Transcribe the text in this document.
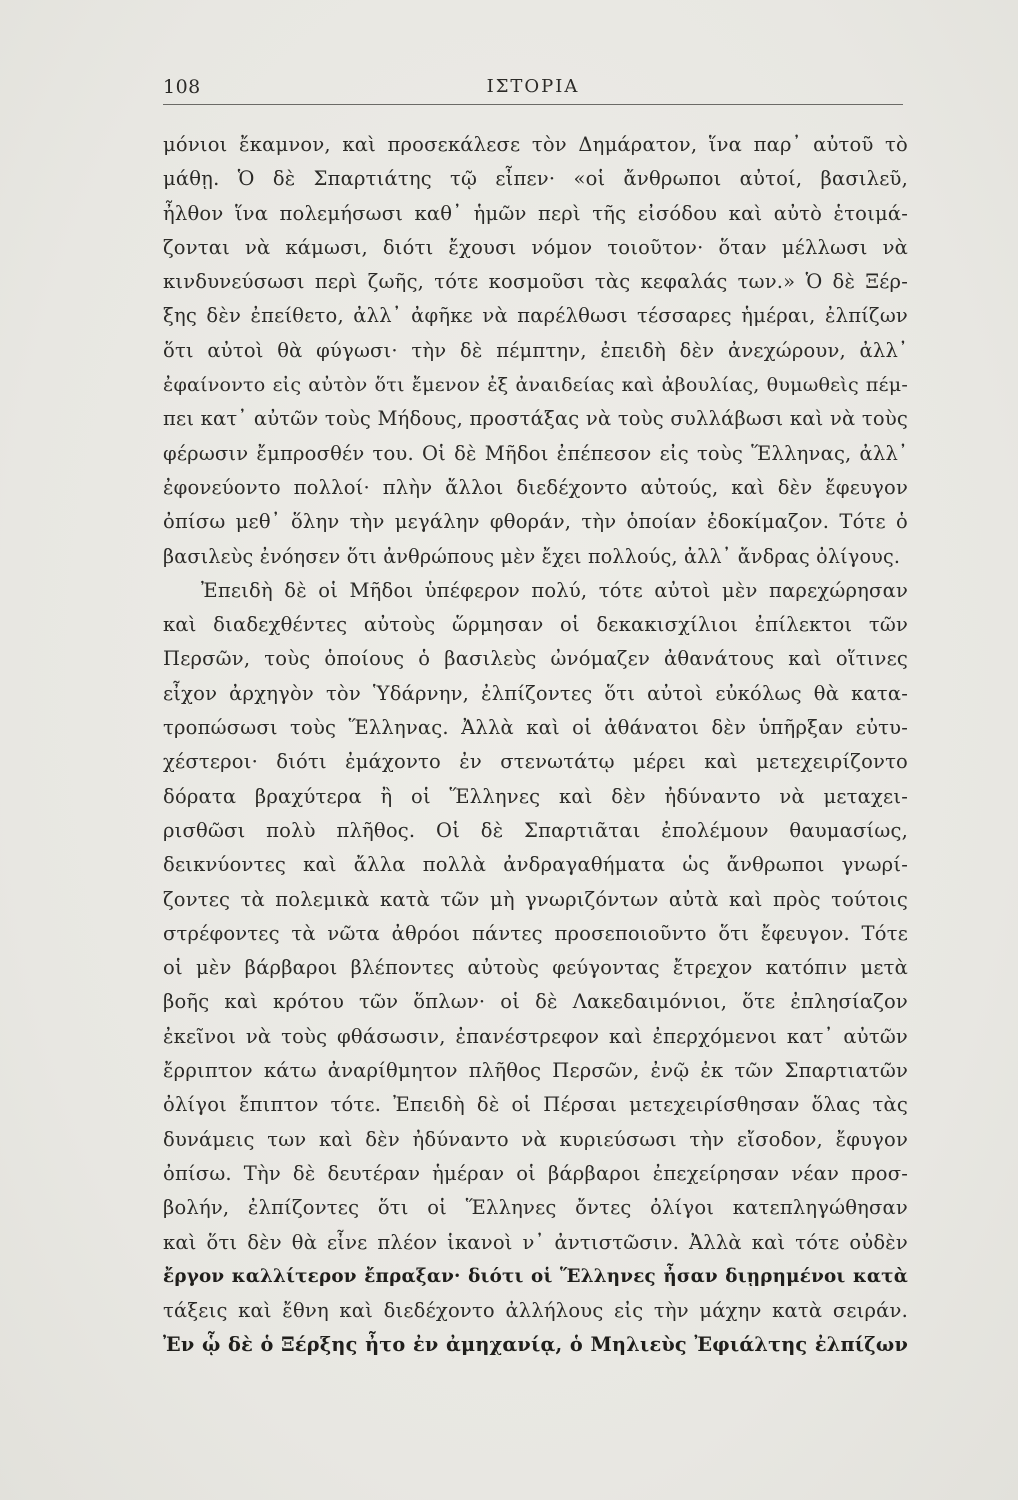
108	ΙΣΤΟΡΙΑ
μόνιοι ἔκαμνον, καὶ προσεκάλεσε τὸν Δημάρατον, ἵνα παρ᾽ αὐτοῦ τὸ
μάθῃ. Ὁ δὲ Σπαρτιάτης τῷ εἶπεν· «οἱ ἄνθρωποι αὐτοί, βασιλεῦ,
ἦλθον ἵνα πολεμήσωσι καθ᾽ ἡμῶν περὶ τῆς εἰσόδου καὶ αὐτὸ ἑτοιμά-
ζονται νὰ κάμωσι, διότι ἔχουσι νόμον τοιοῦτον· ὅταν μέλλωσι νὰ
κινδυνεύσωσι περὶ ζωῆς, τότε κοσμοῦσι τὰς κεφαλάς των.» Ὁ δὲ Ξέρ-
ξης δὲν ἐπείθετο, ἀλλ᾽ ἀφῆκε νὰ παρέλθωσι τέσσαρες ἡμέραι, ἐλπίζων
ὅτι αὐτοὶ θὰ φύγωσι· τὴν δὲ πέμπτην, ἐπειδὴ δὲν ἀνεχώρουν, ἀλλ᾽
ἐφαίνοντο εἰς αὐτὸν ὅτι ἔμενον ἐξ ἀναιδείας καὶ ἀβουλίας, θυμωθεὶς πέμ-
πει κατ᾽ αὐτῶν τοὺς Μήδους, προστάξας νὰ τοὺς συλλάβωσι καὶ νὰ τοὺς
φέρωσιν ἔμπροσθέν του. Οἱ δὲ Μῆδοι ἐπέπεσον εἰς τοὺς Ἕλληνας, ἀλλ᾽
ἐφονεύοντο πολλοί· πλὴν ἄλλοι διεδέχοντο αὐτούς, καὶ δὲν ἔφευγον
ὀπίσω μεθ᾽ ὅλην τὴν μεγάλην φθοράν, τὴν ὁποίαν ἐδοκίμαζον. Τότε ὁ
βασιλεὺς ἐνόησεν ὅτι ἀνθρώπους μὲν ἔχει πολλούς, ἀλλ᾽ ἄνδρας ὀλίγους.
Ἐπειδὴ δὲ οἱ Μῆδοι ὑπέφερον πολύ, τότε αὐτοὶ μὲν παρεχώρησαν
καὶ διαδεχθέντες αὐτοὺς ὥρμησαν οἱ δεκακισχίλιοι ἐπίλεκτοι τῶν
Περσῶν, τοὺς ὁποίους ὁ βασιλεὺς ὠνόμαζεν ἀθανάτους καὶ οἵτινες
εἶχον ἀρχηγὸν τὸν Ὑδάρνην, ἐλπίζοντες ὅτι αὐτοὶ εὐκόλως θὰ κατα-
τροπώσωσι τοὺς Ἕλληνας. Ἀλλὰ καὶ οἱ ἀθάνατοι δὲν ὑπῆρξαν εὐτυ-
χέστεροι· διότι ἐμάχοντο ἐν στενωτάτῳ μέρει καὶ μετεχειρίζοντο
δόρατα βραχύτερα ἢ οἱ Ἕλληνες καὶ δὲν ἠδύναντο νὰ μεταχει-
ρισθῶσι πολὺ πλῆθος. Οἱ δὲ Σπαρτιᾶται ἐπολέμουν θαυμασίως,
δεικνύοντες καὶ ἄλλα πολλὰ ἀνδραγαθήματα ὡς ἄνθρωποι γνωρί-
ζοντες τὰ πολεμικὰ κατὰ τῶν μὴ γνωριζόντων αὐτὰ καὶ πρὸς τούτοις
στρέφοντες τὰ νῶτα ἀθρόοι πάντες προσεποιοῦντο ὅτι ἔφευγον. Τότε
οἱ μὲν βάρβαροι βλέποντες αὐτοὺς φεύγοντας ἔτρεχον κατόπιν μετὰ
βοῆς καὶ κρότου τῶν ὅπλων· οἱ δὲ Λακεδαιμόνιοι, ὅτε ἐπλησίαζον
ἐκεῖνοι νὰ τοὺς φθάσωσιν, ἐπανέστρεφον καὶ ἐπερχόμενοι κατ᾽ αὐτῶν
ἔρριπτον κάτω ἀναρίθμητον πλῆθος Περσῶν, ἐνῷ ἐκ τῶν Σπαρτιατῶν
ὀλίγοι ἔπιπτον τότε. Ἐπειδὴ δὲ οἱ Πέρσαι μετεχειρίσθησαν ὅλας τὰς
δυνάμεις των καὶ δὲν ἠδύναντο νὰ κυριεύσωσι τὴν εἴσοδον, ἔφυγον
ὀπίσω. Τὴν δὲ δευτέραν ἡμέραν οἱ βάρβαροι ἐπεχείρησαν νέαν προσ-
βολήν, ἐλπίζοντες ὅτι οἱ Ἕλληνες ὄντες ὀλίγοι κατεπληγώθησαν
καὶ ὅτι δὲν θὰ εἶνε πλέον ἱκανοὶ ν᾽ ἀντιστῶσιν. Ἀλλὰ καὶ τότε οὐδὲν
ἔργον καλλίτερον ἔπραξαν· διότι οἱ Ἕλληνες ἦσαν διῃρημένοι κατὰ
τάξεις καὶ ἔθνη καὶ διεδέχοντο ἀλλήλους εἰς τὴν μάχην κατὰ σειράν.
Ἐν ᾧ δὲ ὁ Ξέρξης ἦτο ἐν ἀμηχανίᾳ, ὁ Μηλιεὺς Ἐφιάλτης ἐλπίζων
